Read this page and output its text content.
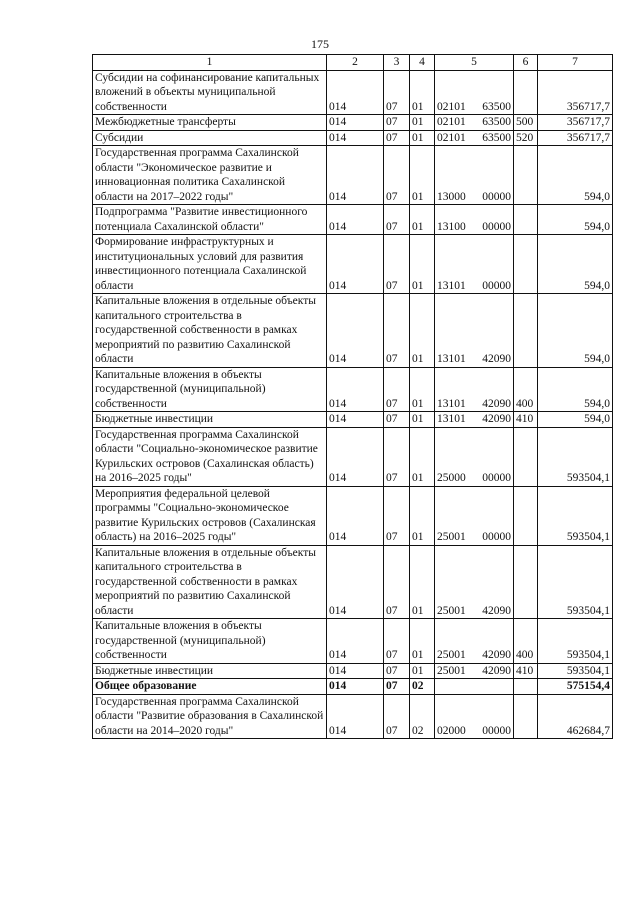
175
1	2	3	4	5	6	7
Субсидии на софинансирование капитальных вложений в объекты муниципальной собственности	014	07	01	02101 63500		356717,7
Межбюджетные трансферты	014	07	01	02101 63500	500	356717,7
Субсидии	014	07	01	02101 63500	520	356717,7
Государственная программа Сахалинской области "Экономическое развитие и инновационная политика Сахалинской области на 2017–2022 годы"	014	07	01	13000 00000		594,0
Подпрограмма "Развитие инвестиционного потенциала Сахалинской области"	014	07	01	13100 00000		594,0
Формирование инфраструктурных и институциональных условий для развития инвестиционного потенциала Сахалинской области	014	07	01	13101 00000		594,0
Капитальные вложения в отдельные объекты капитального строительства в государственной собственности в рамках мероприятий по развитию Сахалинской области	014	07	01	13101 42090		594,0
Капитальные вложения в объекты государственной (муниципальной) собственности	014	07	01	13101 42090	400	594,0
Бюджетные инвестиции	014	07	01	13101 42090	410	594,0
Государственная программа Сахалинской области "Социально-экономическое развитие Курильских островов (Сахалинская область) на 2016–2025 годы"	014	07	01	25000 00000		593504,1
Мероприятия федеральной целевой программы "Социально-экономическое развитие Курильских островов (Сахалинская область) на 2016–2025 годы"	014	07	01	25001 00000		593504,1
Капитальные вложения в отдельные объекты капитального строительства в государственной собственности в рамках мероприятий по развитию Сахалинской области	014	07	01	25001 42090		593504,1
Капитальные вложения в объекты государственной (муниципальной) собственности	014	07	01	25001 42090	400	593504,1
Бюджетные инвестиции	014	07	01	25001 42090	410	593504,1
Общее образование	014	07	02			575154,4
Государственная программа Сахалинской области "Развитие образования в Сахалинской области на 2014–2020 годы"	014	07	02	02000 00000		462684,7
